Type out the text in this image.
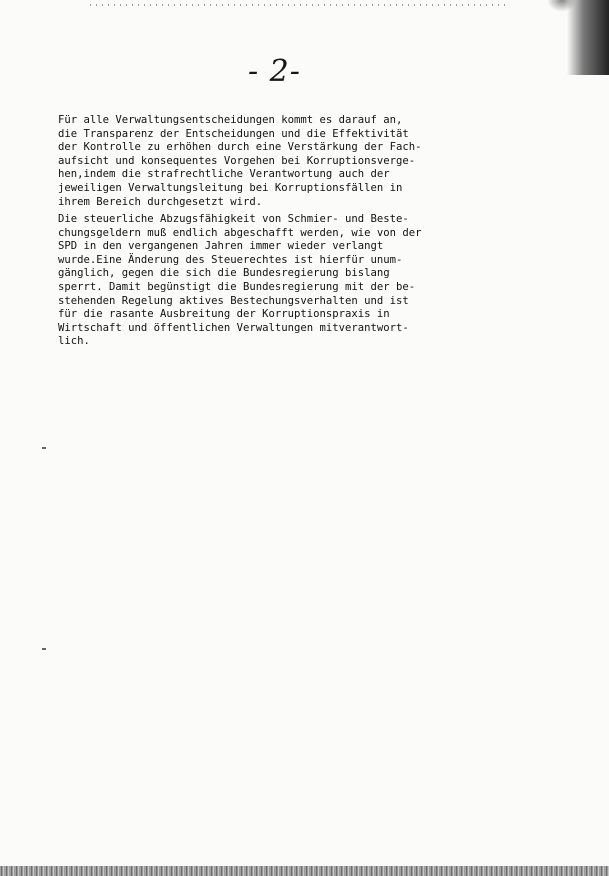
- 2-
Für alle Verwaltungsentscheidungen kommt es darauf an,
die Transparenz der Entscheidungen und die Effektivität
der Kontrolle zu erhöhen durch eine Verstärkung der Fach-
aufsicht und konsequentes Vorgehen bei Korruptionsverge-
hen,indem die strafrechtliche Verantwortung auch der
jeweiligen Verwaltungsleitung bei Korruptionsfällen in
ihrem Bereich durchgesetzt wird.
Die steuerliche Abzugsfähigkeit von Schmier- und Beste-
chungsgeldern muß endlich abgeschafft werden, wie von der
SPD in den vergangenen Jahren immer wieder verlangt
wurde.Eine Änderung des Steuerechtes ist hierfür unum-
gänglich, gegen die sich die Bundesregierung bislang
sperrt. Damit begünstigt die Bundesregierung mit der be-
stehenden Regelung aktives Bestechungsverhalten und ist
für die rasante Ausbreitung der Korruptionspraxis in
Wirtschaft und öffentlichen Verwaltungen mitverantwort-
lich.
